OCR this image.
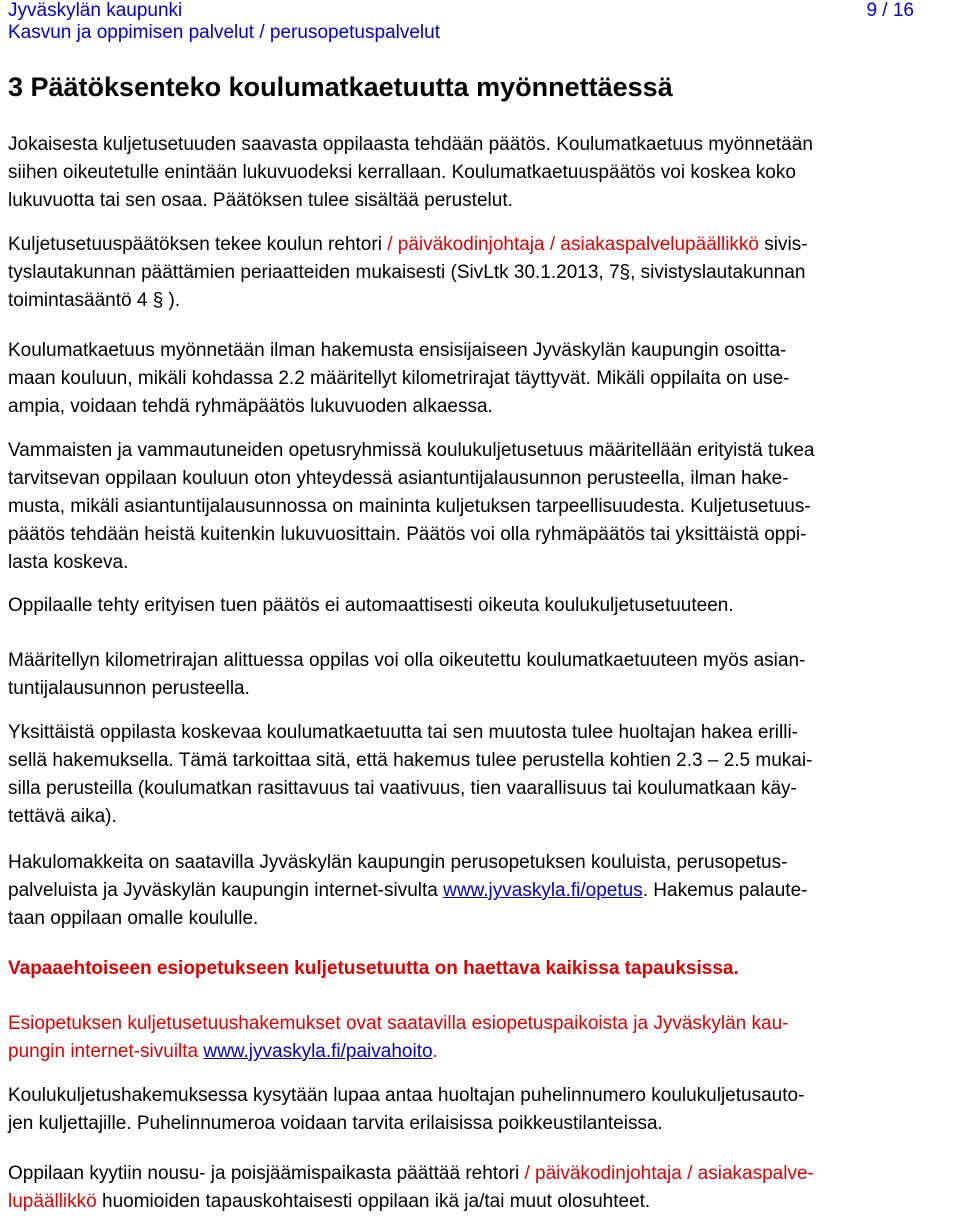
Jyväskylän kaupunki
Kasvun ja oppimisen palvelut / perusopetuspalvelut
9 / 16
3 Päätöksenteko koulumatkaetuutta myönnettäessä
Jokaisesta kuljetusetuuden saavasta oppilaasta tehdään päätös. Koulumatkaetuus myönnetään
siihen oikeutetulle enintään lukuvuodeksi kerrallaan. Koulumatkaetuuspäätös voi koskea koko
lukuvuotta tai sen osaa. Päätöksen tulee sisältää perustelut.
Kuljetusetuuspäätöksen tekee koulun rehtori / päiväkodinjohtaja / asiakaspalvelupäällikkö sivis-
tyslautakunnan päättämien periaatteiden mukaisesti (SivLtk 30.1.2013, 7§, sivistyslautakunnan
toimintasääntö 4 § ).
Koulumatkaetuus myönnetään ilman hakemusta ensisijaiseen Jyväskylän kaupungin osoitta-
maan kouluun, mikäli kohdassa 2.2 määritellyt kilometrirajat täyttyvät. Mikäli oppilaita on use-
ampia, voidaan tehdä ryhmäpäätös lukuvuoden alkaessa.
Vammaisten ja vammautuneiden opetusryhmissä koulukuljetusetuus määritellään erityistä tukea
tarvitsevan oppilaan kouluun oton yhteydessä asiantuntijalausunnon perusteella, ilman hake-
musta, mikäli asiantuntijalausunnossa on maininta kuljetuksen tarpeellisuudesta. Kuljetusetuus-
päätös tehdään heistä kuitenkin lukuvuosittain. Päätös voi olla ryhmäpäätös tai yksittäistä oppi-
lasta koskeva.
Oppilaalle tehty erityisen tuen päätös ei automaattisesti oikeuta koulukuljetusetuuteen.
Määritellyn kilometrirajan alittuessa oppilas voi olla oikeutettu koulumatkaetuuteen myös asian-
tuntijalausunnon perusteella.
Yksittäistä oppilasta koskevaa koulumatkaetuutta tai sen muutosta tulee huoltajan hakea erilli-
sellä hakemuksella. Tämä tarkoittaa sitä, että hakemus tulee perustella kohtien 2.3 – 2.5 mukai-
silla perusteilla (koulumatkan rasittavuus tai vaativuus, tien vaarallisuus tai koulumatkaan käy-
tettävä aika).
Hakulomakkeita on saatavilla Jyväskylän kaupungin perusopetuksen kouluista, perusopetus-
palveluista ja Jyväskylän kaupungin internet-sivulta www.jyvaskyla.fi/opetus. Hakemus palaute-
taan oppilaan omalle koululle.
Vapaaehtoiseen esiopetukseen kuljetusetuutta on haettava kaikissa tapauksissa.
Esiopetuksen kuljetusetuushakemukset ovat saatavilla esiopetuspaikoista ja Jyväskylän kau-
pungin internet-sivuilta www.jyvaskyla.fi/paivahoito.
Koulukuljetushakemuksessa kysytään lupaa antaa huoltajan puhelinnumero koulukuljetusauto-
jen kuljettajille. Puhelinnumeroa voidaan tarvita erilaisissa poikkeustilanteissa.
Oppilaan kyytiin nousu- ja poisjäämispaikasta päättää rehtori / päiväkodinjohtaja / asiakaspalve-
lupäällikkö huomioiden tapauskohtaisesti oppilaan ikä ja/tai muut olosuhteet.
